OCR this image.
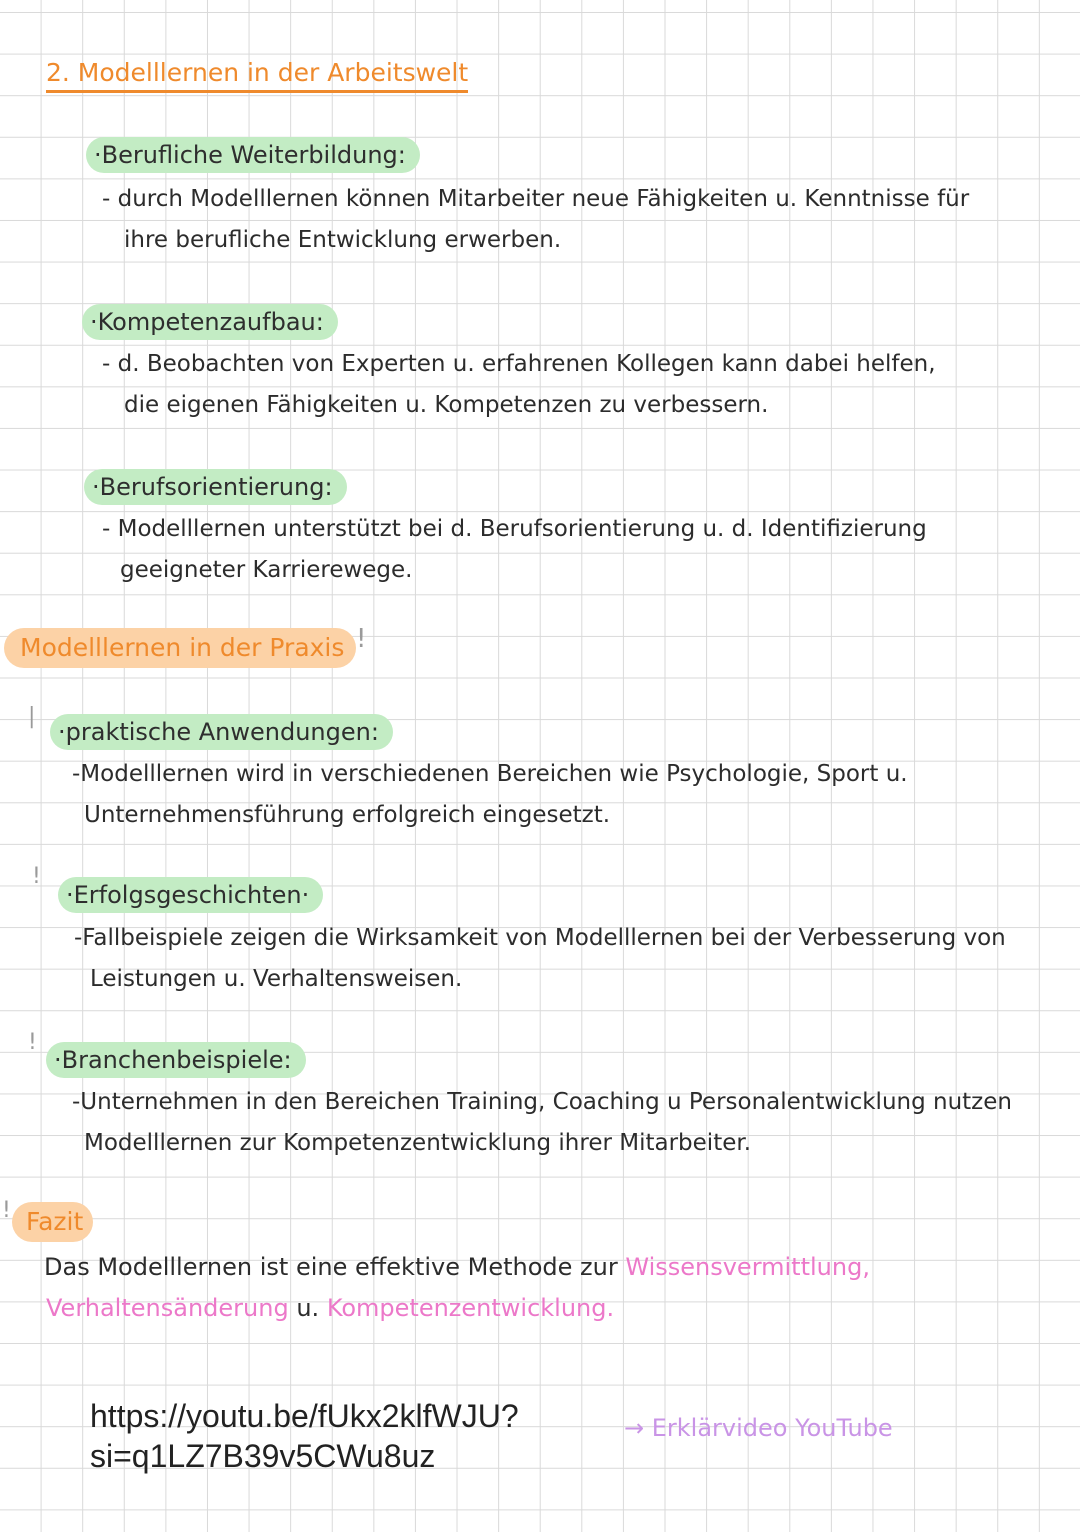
2. Modelllernen in der Arbeitswelt
·Berufliche Weiterbildung:
- durch Modelllernen können Mitarbeiter neue Fähigkeiten u. Kenntnisse für
ihre berufliche Entwicklung erwerben.
·Kompetenzaufbau:
- d. Beobachten von Experten u. erfahrenen Kollegen kann dabei helfen,
die eigenen Fähigkeiten u. Kompetenzen zu verbessern.
·Berufsorientierung:
- Modelllernen unterstützt bei d. Berufsorientierung u. d. Identifizierung
geeigneter Karrierewege.
Modelllernen in der Praxis !
|
·praktische Anwendungen:
-Modelllernen wird in verschiedenen Bereichen wie Psychologie, Sport u.
Unternehmensführung erfolgreich eingesetzt.
!
·Erfolgsgeschichten·
-Fallbeispiele zeigen die Wirksamkeit von Modelllernen bei der Verbesserung von
Leistungen u. Verhaltensweisen.
!
·Branchenbeispiele:
-Unternehmen in den Bereichen Training, Coaching u Personalentwicklung nutzen
Modelllernen zur Kompetenzentwicklung ihrer Mitarbeiter.
! Fazit
Das Modelllernen ist eine effektive Methode zur Wissensvermittlung,
Verhaltensänderung u. Kompetenzentwicklung.
https://youtu.be/fUkx2klfWJU?
si=q1LZ7B39v5CWu8uz
→ Erklärvideo YouTube
